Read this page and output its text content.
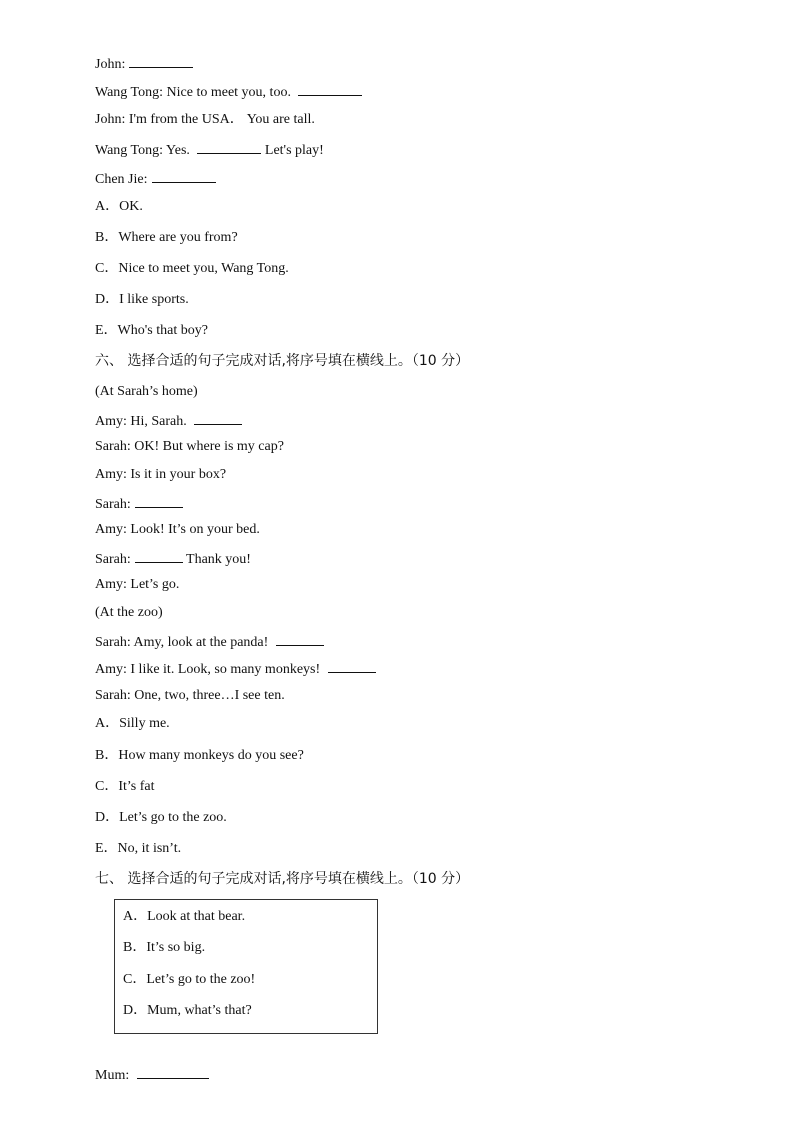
John:
Wang Tong: Nice to meet you, too.
John: I'm from the USA． You are tall.
Wang Tong: Yes.	Let's play!
Chen Jie:
A．OK.
B．Where are you from?
C．Nice to meet you, Wang Tong.
D．I like sports.
E．Who's that boy?
六、 选择合适的句子完成对话,将序号填在横线上。（10 分）
(At Sarah’s home)
Amy: Hi, Sarah.
Sarah: OK! But where is my cap?
Amy: Is it in your box?
Sarah:
Amy: Look! It’s on your bed.
Sarah:	Thank you!
Amy: Let’s go.
(At the zoo)
Sarah: Amy, look at the panda!
Amy: I like it. Look, so many monkeys!
Sarah: One, two, three…I see ten.
A．Silly me.
B．How many monkeys do you see?
C．It’s fat
D．Let’s go to the zoo.
E．No, it isn’t.
七、 选择合适的句子完成对话,将序号填在横线上。（10 分）
A．Look at that bear.
B．It’s so big.
C．Let’s go to the zoo!
D．Mum, what’s that?
Mum:
